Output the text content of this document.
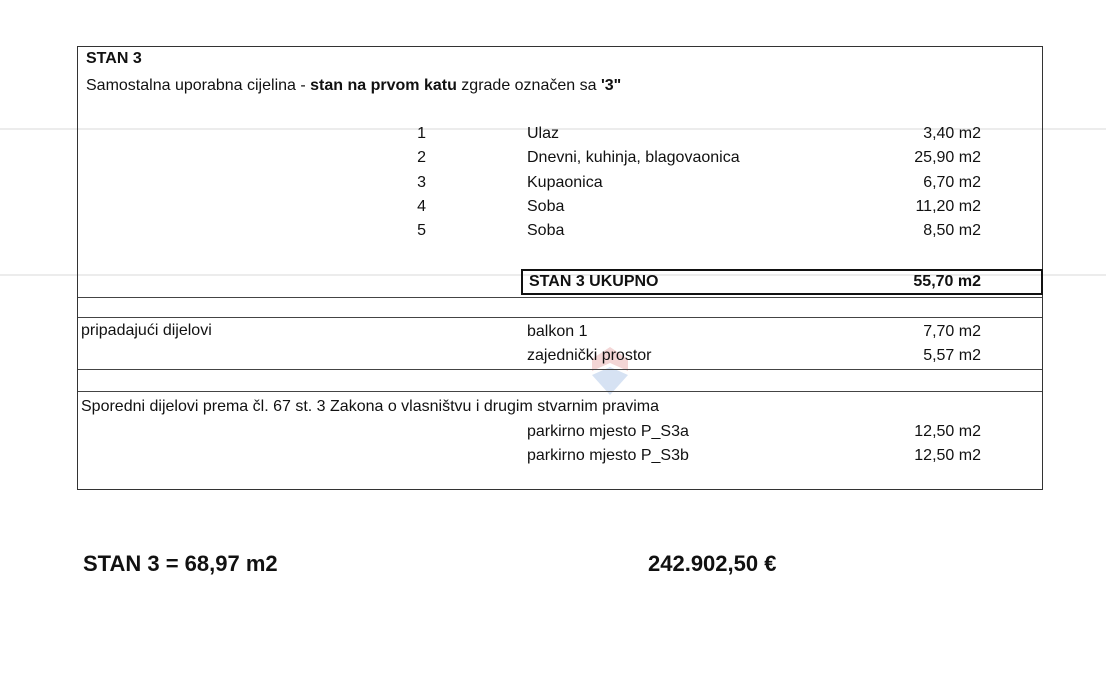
STAN 3
Samostalna uporabna cijelina - stan na prvom katu zgrade označen sa '3"
1	Ulaz	3,40 m2
2	Dnevni, kuhinja, blagovaonica	25,90 m2
3	Kupaonica	6,70 m2
4	Soba	11,20 m2
5	Soba	8,50 m2
STAN 3 UKUPNO	55,70 m2
pripadajući dijelovi	balkon 1	7,70 m2
zajednički prostor	5,57 m2
Sporedni dijelovi prema čl. 67 st. 3 Zakona o vlasništvu i drugim stvarnim pravima
parkirno mjesto P_S3a	12,50 m2
parkirno mjesto P_S3b	12,50 m2
STAN 3 = 68,97 m2	242.902,50 €
